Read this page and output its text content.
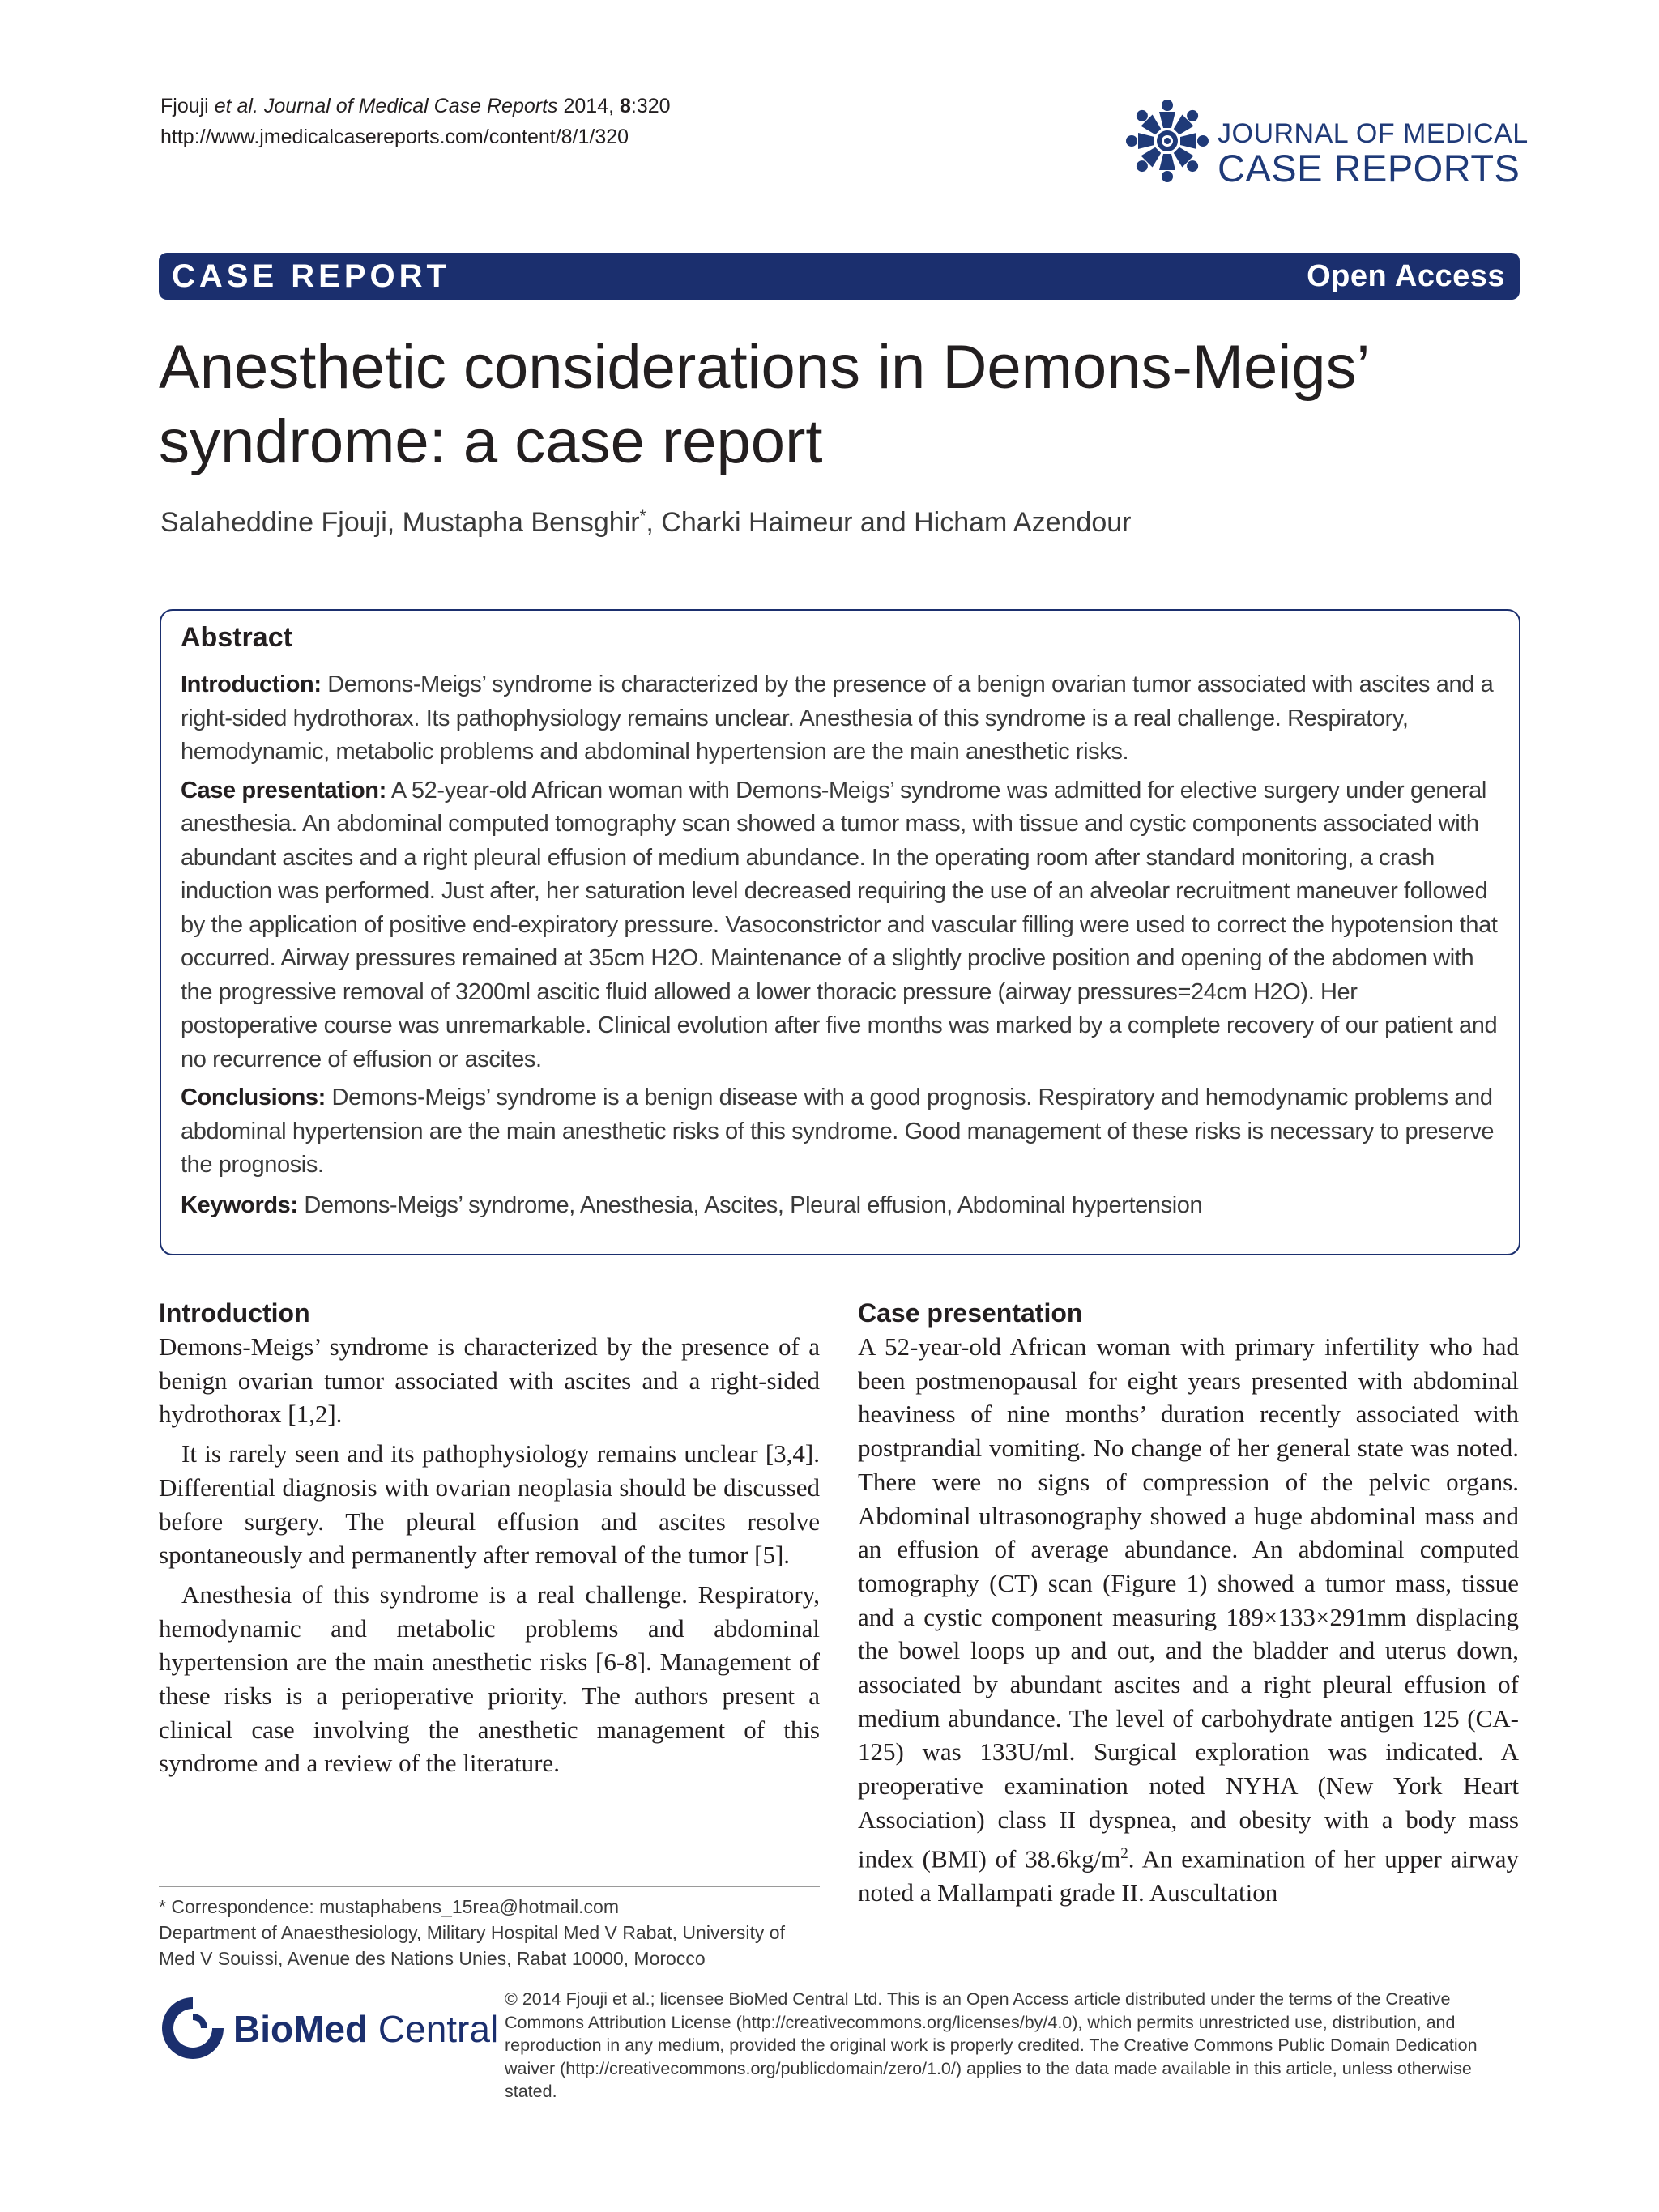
Fjouji et al. Journal of Medical Case Reports 2014, 8:320
http://www.jmedicalcasereports.com/content/8/1/320	JOURNAL OF MEDICAL
CASE REPORTS
CASE REPORT	Open Access
Anesthetic considerations in Demons-Meigs’ syndrome: a case report
Salaheddine Fjouji, Mustapha Bensghir*, Charki Haimeur and Hicham Azendour
Abstract

Introduction: Demons-Meigs’ syndrome is characterized by the presence of a benign ovarian tumor associated with ascites and a right-sided hydrothorax. Its pathophysiology remains unclear. Anesthesia of this syndrome is a real challenge. Respiratory, hemodynamic, metabolic problems and abdominal hypertension are the main anesthetic risks.

Case presentation: A 52-year-old African woman with Demons-Meigs’ syndrome was admitted for elective surgery under general anesthesia. An abdominal computed tomography scan showed a tumor mass, with tissue and cystic components associated with abundant ascites and a right pleural effusion of medium abundance. In the operating room after standard monitoring, a crash induction was performed. Just after, her saturation level decreased requiring the use of an alveolar recruitment maneuver followed by the application of positive end-expiratory pressure. Vasoconstrictor and vascular filling were used to correct the hypotension that occurred. Airway pressures remained at 35cm H2O. Maintenance of a slightly proclive position and opening of the abdomen with the progressive removal of 3200ml ascitic fluid allowed a lower thoracic pressure (airway pressures=24cm H2O). Her postoperative course was unremarkable. Clinical evolution after five months was marked by a complete recovery of our patient and no recurrence of effusion or ascites.

Conclusions: Demons-Meigs’ syndrome is a benign disease with a good prognosis. Respiratory and hemodynamic problems and abdominal hypertension are the main anesthetic risks of this syndrome. Good management of these risks is necessary to preserve the prognosis.

Keywords: Demons-Meigs’ syndrome, Anesthesia, Ascites, Pleural effusion, Abdominal hypertension

Introduction

Demons-Meigs’ syndrome is characterized by the presence of a benign ovarian tumor associated with ascites and a right-sided hydrothorax [1,2].

It is rarely seen and its pathophysiology remains unclear [3,4]. Differential diagnosis with ovarian neoplasia should be discussed before surgery. The pleural effusion and ascites resolve spontaneously and permanently after removal of the tumor [5].

Anesthesia of this syndrome is a real challenge. Respiratory, hemodynamic and metabolic problems and abdominal hypertension are the main anesthetic risks [6-8]. Management of these risks is a perioperative priority. The authors present a clinical case involving the anesthetic management of this syndrome and a review of the literature.

Case presentation

A 52-year-old African woman with primary infertility who had been postmenopausal for eight years presented with abdominal heaviness of nine months’ duration recently associated with postprandial vomiting. No change of her general state was noted. There were no signs of compression of the pelvic organs. Abdominal ultrasonography showed a huge abdominal mass and an effusion of average abundance. An abdominal computed tomography (CT) scan (Figure 1) showed a tumor mass, tissue and a cystic component measuring 189×133×291mm displacing the bowel loops up and out, and the bladder and uterus down, associated by abundant ascites and a right pleural effusion of medium abundance. The level of carbohydrate antigen 125 (CA-125) was 133U/ml. Surgical exploration was indicated. A preoperative examination noted NYHA (New York Heart Association) class II dyspnea, and obesity with a body mass index (BMI) of $38.6kg/m^2$. An examination of her upper airway noted a Mallampati grade II. Auscultation

* Correspondence: mustaphabens_15rea@hotmail.com
Department of Anaesthesiology, Military Hospital Med V Rabat, University of Med V Souissi, Avenue des Nations Unies, Rabat 10000, Morocco
BioMed Central
© 2014 Fjouji et al.; licensee BioMed Central Ltd. This is an Open Access article distributed under the terms of the Creative Commons Attribution License (http://creativecommons.org/licenses/by/4.0), which permits unrestricted use, distribution, and reproduction in any medium, provided the original work is properly credited. The Creative Commons Public Domain Dedication waiver (http://creativecommons.org/publicdomain/zero/1.0/) applies to the data made available in this article, unless otherwise stated.
